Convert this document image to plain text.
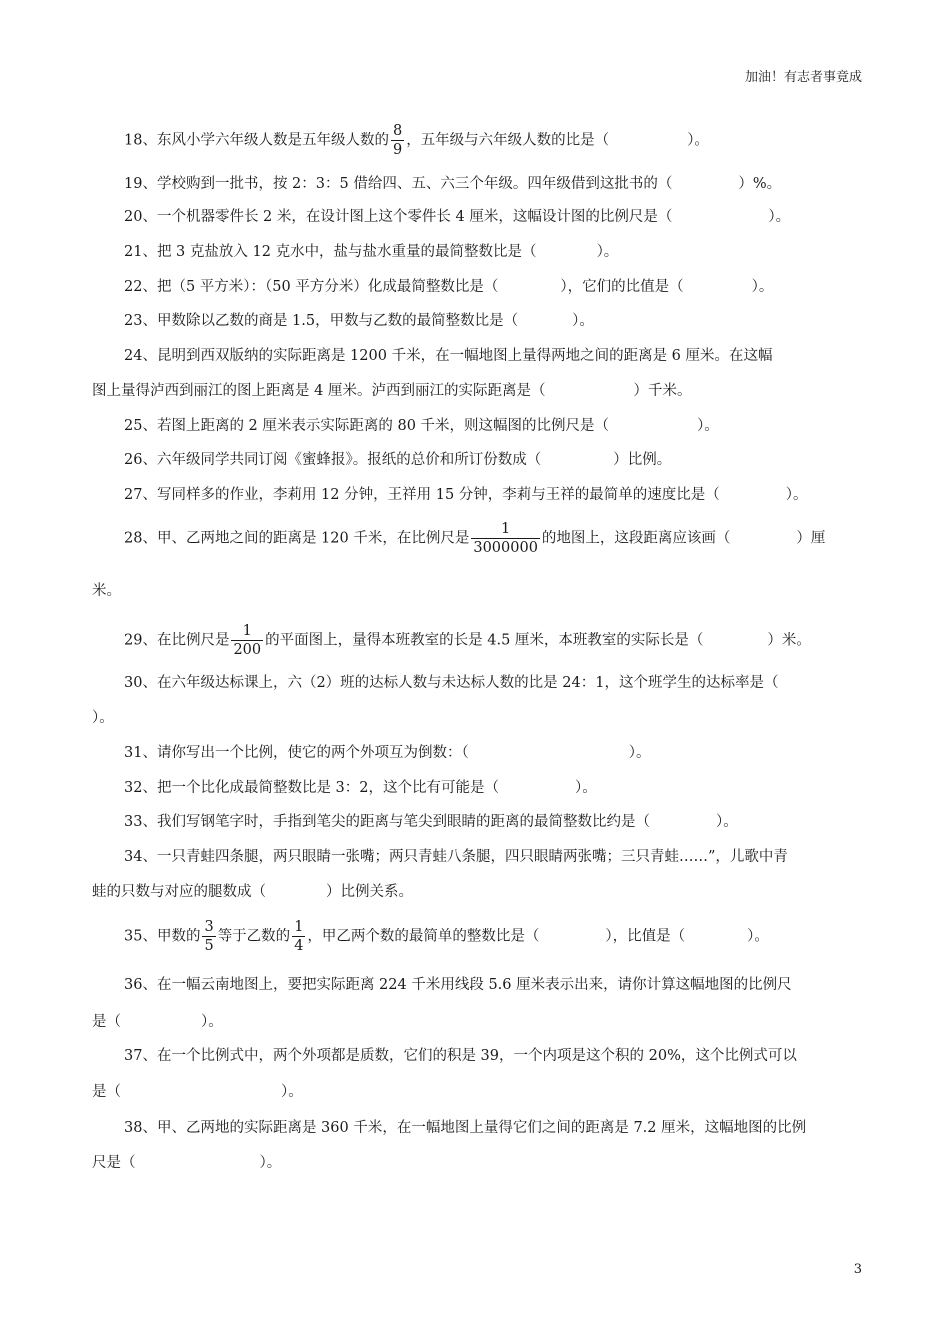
加油！有志者事竟成
18、东风小学六年级人数是五年级人数的 $\frac{8}{9}$ ，五年级与六年级人数的比是（	）。
19、学校购到一批书，按 2：3：5 借给四、五、六三个年级。四年级借到这批书的（	）%。
20、一个机器零件长 2 米，在设计图上这个零件长 4 厘米，这幅设计图的比例尺是（	）。
21、把 3 克盐放入 12 克水中，盐与盐水重量的最简整数比是（	）。
22、把（5 平方米）：（50 平方分米）化成最简整数比是（	），它们的比值是（	）。
23、甲数除以乙数的商是 1.5，甲数与乙数的最简整数比是（	）。
24、昆明到西双版纳的实际距离是 1200 千米，在一幅地图上量得两地之间的距离是 6 厘米。在这幅
图上量得泸西到丽江的图上距离是 4 厘米。泸西到丽江的实际距离是（	）千米。
25、若图上距离的 2 厘米表示实际距离的 80 千米，则这幅图的比例尺是（	）。
26、六年级同学共同订阅《蜜蜂报》。报纸的总价和所订份数成（	）比例。
27、写同样多的作业，李莉用 12 分钟，王祥用 15 分钟，李莉与王祥的最简单的速度比是（	）。
28、甲、乙两地之间的距离是 120 千米，在比例尺是 $\frac{1}{3000000}$ 的地图上，这段距离应该画（	）厘
米。
29、在比例尺是 $\frac{1}{200}$ 的平面图上，量得本班教室的长是 4.5 厘米，本班教室的实际长是（	）米。
30、在六年级达标课上，六（2）班的达标人数与未达标人数的比是 24：1，这个班学生的达标率是（
）。
31、请你写出一个比例，使它的两个外项互为倒数：（	）。
32、把一个比化成最简整数比是 3：2，这个比有可能是（	）。
33、我们写钢笔字时，手指到笔尖的距离与笔尖到眼睛的距离的最简整数比约是（	）。
34、一只青蛙四条腿，两只眼睛一张嘴；两只青蛙八条腿，四只眼睛两张嘴；三只青蛙……”，儿歌中青
蛙的只数与对应的腿数成（	）比例关系。
35、甲数的 $\frac{3}{5}$ 等于乙数的 $\frac{1}{4}$ ，甲乙两个数的最简单的整数比是（	），比值是（	）。
36、在一幅云南地图上，要把实际距离 224 千米用线段 5.6 厘米表示出来，请你计算这幅地图的比例尺
是（	）。
37、在一个比例式中，两个外项都是质数，它们的积是 39，一个内项是这个积的 20%，这个比例式可以
是（	）。
38、甲、乙两地的实际距离是 360 千米，在一幅地图上量得它们之间的距离是 7.2 厘米，这幅地图的比例
尺是（	）。
3
